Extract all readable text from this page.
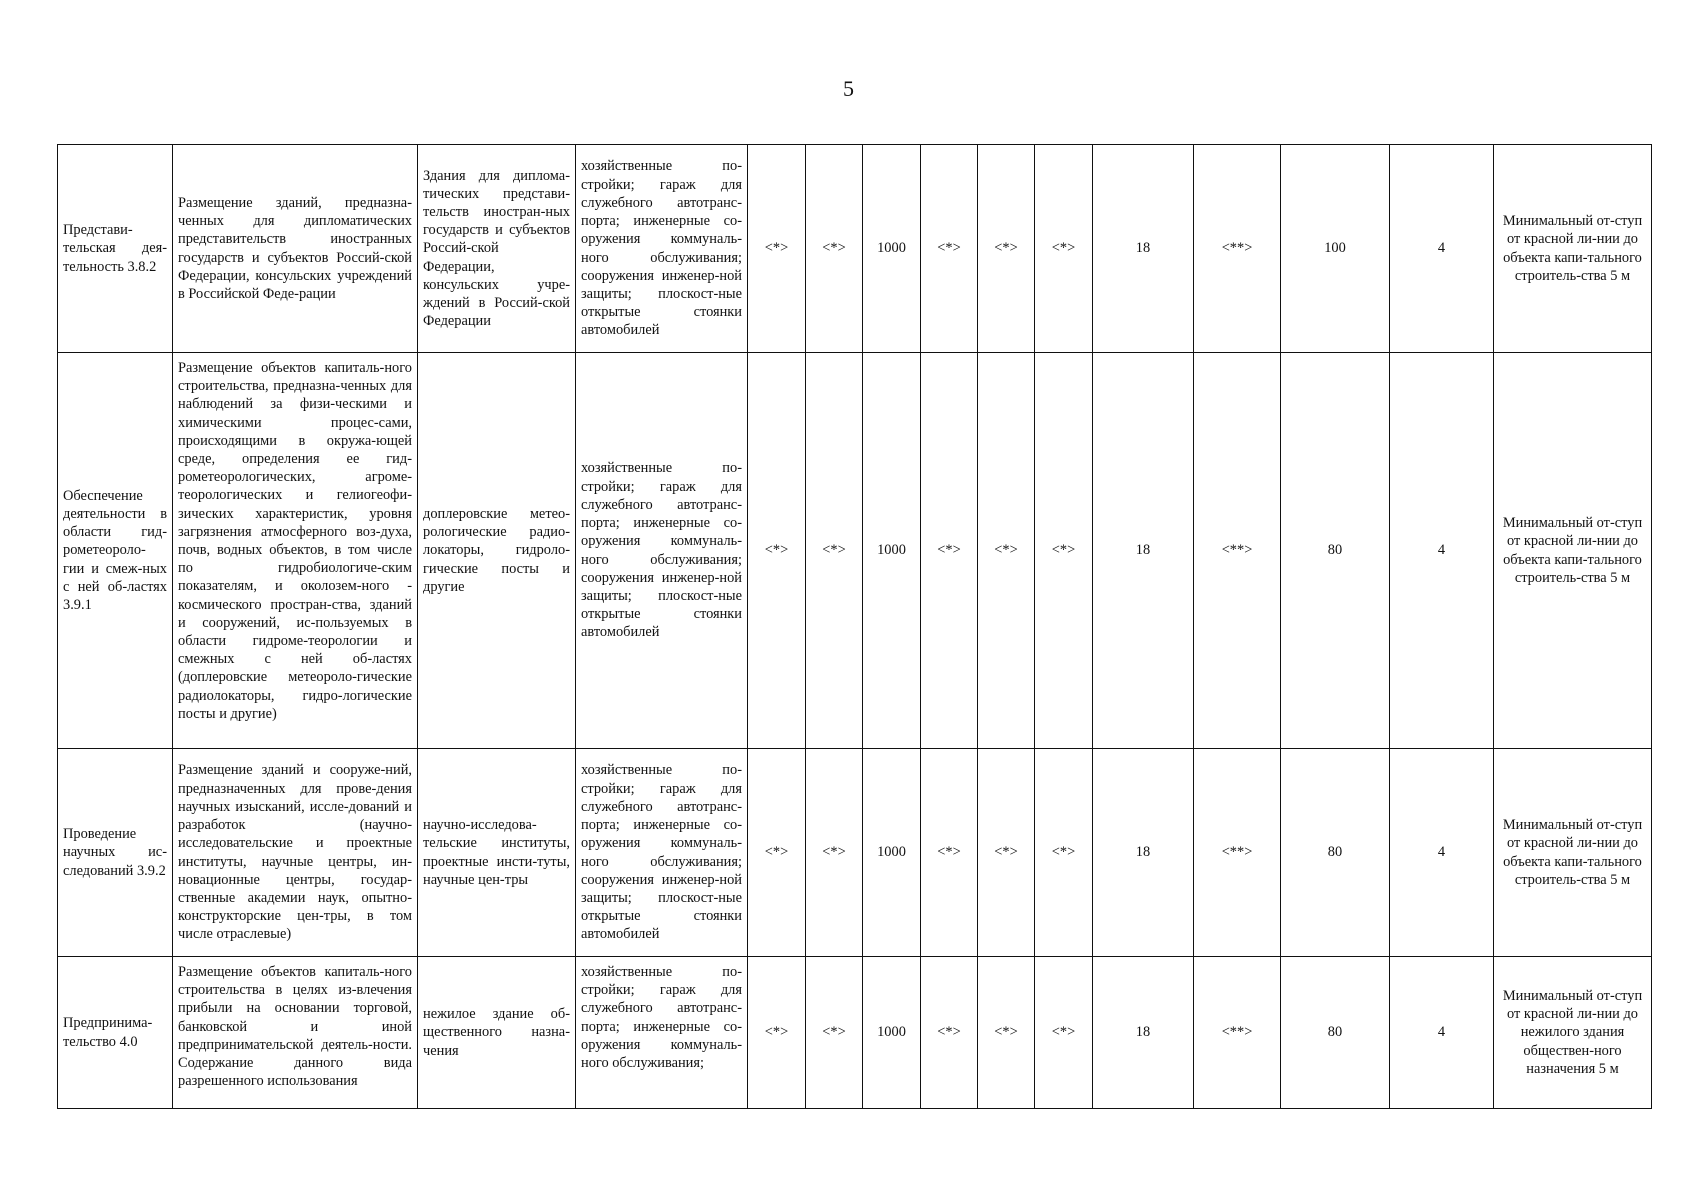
5
Представи-тельская дея-тельность 3.8.2	Размещение зданий, предназна-ченных для дипломатических представительств иностранных государств и субъектов Россий-ской Федерации, консульских учреждений в Российской Феде-рации	Здания для диплома-тических представи-тельств иностран-ных государств и субъектов Россий-ской Федерации, консульских учре-ждений в Россий-ской Федерации	хозяйственные по-стройки; гараж для служебного автотранс-порта; инженерные со-оружения коммуналь-ного обслуживания; сооружения инженер-ной защиты; плоскост-ные открытые стоянки автомобилей	<*>	<*>	1000	<*>	<*>	<*>	18	<**>	100	4	Минимальный от-ступ от красной ли-нии до объекта капи-тального строитель-ства 5 м
Обеспечение деятельности в области гид-рометеороло-гии и смеж-ных с ней об-ластях 3.9.1	Размещение объектов капиталь-ного строительства, предназна-ченных для наблюдений за физи-ческими и химическими процес-сами, происходящими в окружа-ющей среде, определения ее гид-рометеорологических, агроме-теорологических и гелиогеофи-зических характеристик, уровня загрязнения атмосферного воз-духа, почв, водных объектов, в том числе по гидробиологиче-ским показателям, и околозем-ного - космического простран-ства, зданий и сооружений, ис-пользуемых в области гидроме-теорологии и смежных с ней об-ластях (доплеровские метеороло-гические радиолокаторы, гидро-логические посты и другие)	доплеровские метео-рологические радио-локаторы, гидроло-гические посты и другие	хозяйственные по-стройки; гараж для служебного автотранс-порта; инженерные со-оружения коммуналь-ного обслуживания; сооружения инженер-ной защиты; плоскост-ные открытые стоянки автомобилей	<*>	<*>	1000	<*>	<*>	<*>	18	<**>	80	4	Минимальный от-ступ от красной ли-нии до объекта капи-тального строитель-ства 5 м
Проведение научных ис-следований 3.9.2	Размещение зданий и сооруже-ний, предназначенных для прове-дения научных изысканий, иссле-дований и разработок (научно-исследовательские и проектные институты, научные центры, ин-новационные центры, государ-ственные академии наук, опытно-конструкторские цен-тры, в том числе отраслевые)	научно-исследова-тельские институты, проектные инсти-туты, научные цен-тры	хозяйственные по-стройки; гараж для служебного автотранс-порта; инженерные со-оружения коммуналь-ного обслуживания; сооружения инженер-ной защиты; плоскост-ные открытые стоянки автомобилей	<*>	<*>	1000	<*>	<*>	<*>	18	<**>	80	4	Минимальный от-ступ от красной ли-нии до объекта капи-тального строитель-ства 5 м
Предпринима-тельство 4.0	Размещение объектов капиталь-ного строительства в целях из-влечения прибыли на основании торговой, банковской и иной предпринимательской деятель-ности. Содержание данного вида разрешенного использования	нежилое здание об-щественного назна-чения	хозяйственные по-стройки; гараж для служебного автотранс-порта; инженерные со-оружения коммуналь-ного обслуживания;	<*>	<*>	1000	<*>	<*>	<*>	18	<**>	80	4	Минимальный от-ступ от красной ли-нии до нежилого здания обществен-ного назначения 5 м
